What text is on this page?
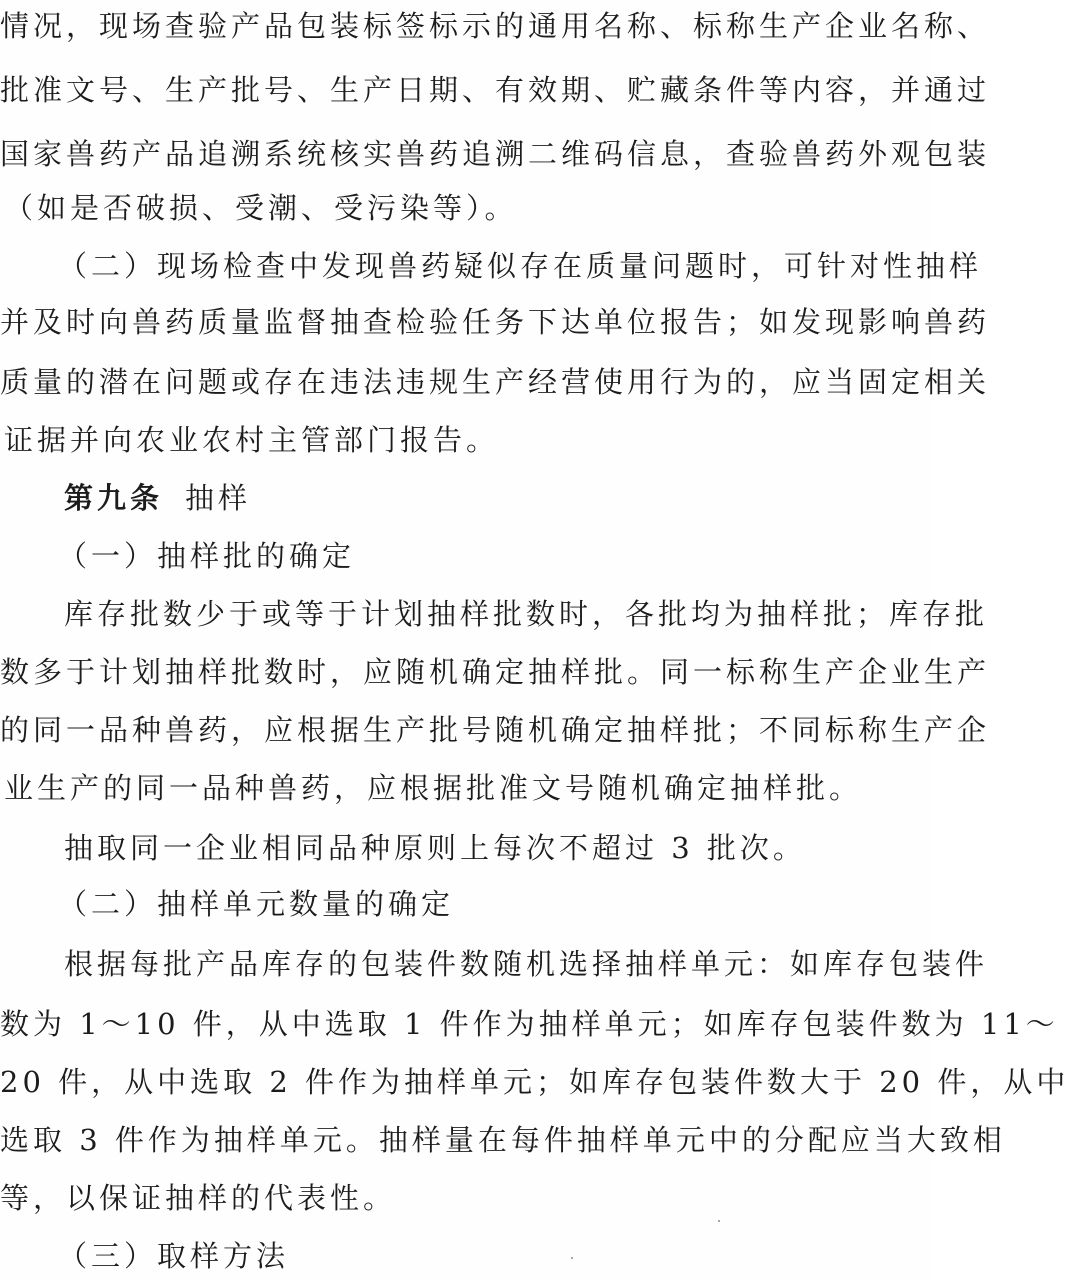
情况，现场查验产品包装标签标示的通用名称、标称生产企业名称、
批准文号、生产批号、生产日期、有效期、贮藏条件等内容，并通过
国家兽药产品追溯系统核实兽药追溯二维码信息，查验兽药外观包装
（如是否破损、受潮、受污染等）。
（二）现场检查中发现兽药疑似存在质量问题时，可针对性抽样
并及时向兽药质量监督抽查检验任务下达单位报告；如发现影响兽药
质量的潜在问题或存在违法违规生产经营使用行为的，应当固定相关
证据并向农业农村主管部门报告。
第九条 抽样
（一）抽样批的确定
库存批数少于或等于计划抽样批数时，各批均为抽样批；库存批
数多于计划抽样批数时，应随机确定抽样批。同一标称生产企业生产
的同一品种兽药，应根据生产批号随机确定抽样批；不同标称生产企
业生产的同一品种兽药，应根据批准文号随机确定抽样批。
抽取同一企业相同品种原则上每次不超过 3 批次。
（二）抽样单元数量的确定
根据每批产品库存的包装件数随机选择抽样单元：如库存包装件
数为 1～10 件，从中选取 1 件作为抽样单元；如库存包装件数为 11～
20 件，从中选取 2 件作为抽样单元；如库存包装件数大于 20 件，从中
选取 3 件作为抽样单元。抽样量在每件抽样单元中的分配应当大致相
等，以保证抽样的代表性。
（三）取样方法
